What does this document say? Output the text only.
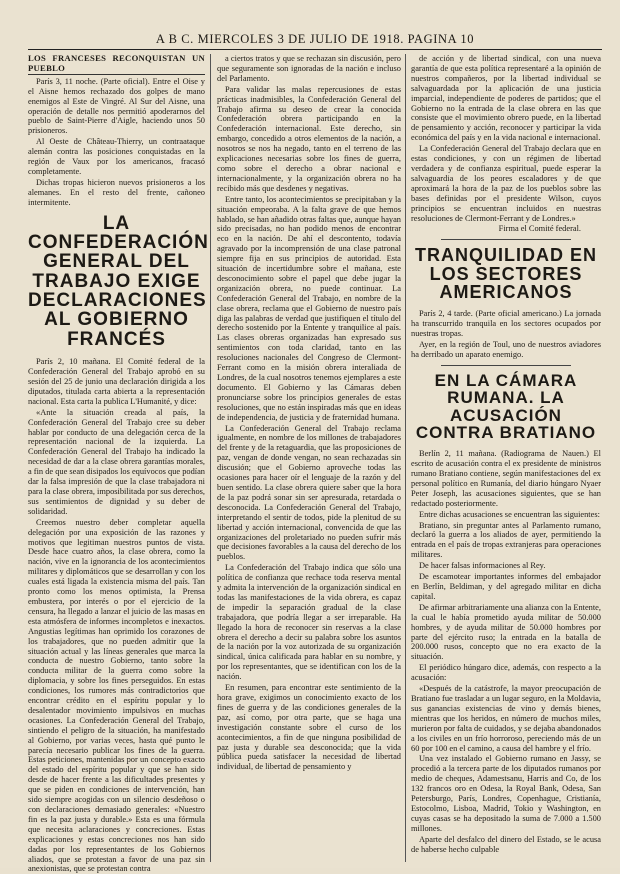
A B C. MIERCOLES 3 DE JULIO DE 1918. PAGINA 10
LOS FRANCESES RECONQUISTAN UN PUEBLO

París 3, 11 noche. (Parte oficial). Entre el Oise y el Aisne hemos rechazado dos golpes de mano enemigos al Este de Vingré. Al Sur del Aisne, una operación de detalle nos permitió apoderarnos del pueblo de Saint-Pierre d'Aigle, haciendo unos 50 prisioneros.

Al Oeste de Château-Thierry, un contraataque alemán contra las posiciones conquistadas en la región de Vaux por los americanos, fracasó completamente.

Dichas tropas hicieron nuevos prisioneros a los alemanes. En el resto del frente, cañoneo intermitente.

LA CONFEDERACIÓN GENERAL DEL TRABAJO EXIGE DECLARACIONES AL GOBIERNO FRANCÉS

París 2, 10 mañana. El Comité federal de la Confederación General del Trabajo aprobó en su sesión del 25 de junio una declaración dirigida a los diputados, titulada carta abierta a la representación nacional. Esta carta la publica L'Humanité, y dice:

«Ante la situación creada al país, la Confederación General del Trabajo cree su deber hablar por conducto de una delegación cerca de la representación nacional de la izquierda. La Confederación General del Trabajo ha indicado la necesidad de dar a la clase obrera garantías morales, a fin de que sean disipados los equívocos que podían dar la falsa impresión de que la clase trabajadora ni para la clase obrera, imposibilitada por sus derechos, sus sentimientos de dignidad y su deber de solidaridad.

Creemos nuestro deber completar aquella delegación por una exposición de las razones y motivos que legitiman nuestros puntos de vista. Desde hace cuatro años, la clase obrera, como la nación, vive en la ignorancia de los acontecimientos militares y diplomáticos que se desarrollan y con los cuales está ligada la existencia misma del país. Tan pronto como los menos optimista, la Prensa embustera, por interés o por el ejercicio de la censura, ha llegado a lanzar el juicio de las masas en esta atmósfera de informes incompletos e inexactos. Angustias legítimas han oprimido los corazones de los trabajadores, que no pueden admitir que la situación actual y las líneas generales que marca la conducta de nuestro Gobierno, tanto sobre la conducta militar de la guerra como sobre la diplomacia, y sobre los fines perseguidos. En estas condiciones, los rumores más contradictorios que encontrar crédito en el espíritu popular y lo desalentador movimiento impulsivos en muchas ocasiones. La Confederación General del Trabajo, sintiendo el peligro de la situación, ha manifestado al Gobierno, por varias veces, hasta qué punto le parecía necesario publicar los fines de la guerra. Estas peticiones, mantenidas por un concepto exacto del estado del espíritu popular y que se han sido desde de hacer frente a las dificultades presentes y que se piden en condiciones de intervención, han sido siempre acogidas con un silencio desdeñoso o con declaraciones demasiado generales: «Nuestro fin es la paz justa y durable.» Esta es una fórmula que necesita aclaraciones y concreciones. Estas explicaciones y estas concreciones nos han sido dadas por los representantes de los Gobiernos aliados, que se protestan a favor de una paz sin anexionistas, que se protestan contra

a ciertos tratos y que se rechazan sin discusión, pero que seguramente son ignoradas de la nación e incluso del Parlamento.

Para validar las malas repercusiones de estas prácticas inadmisibles, la Confederación General del Trabajo afirma su deseo de crear la conocida Confederación obrera participando en la Confederación internacional. Este derecho, sin embargo, concedido a otros elementos de la nación, a nosotros se nos ha negado, tanto en el terreno de las explicaciones necesarias sobre los fines de guerra, como sobre el derecho a obrar nacional e internacionalmente, y la organización obrera no ha recibido más que desdenes y negativas.

Entre tanto, los acontecimientos se precipitaban y la situación empeoraba. A la falta grave de que hemos hablado, se han añadido otras faltas que, aunque hayan sido precisadas, no han podido menos de encontrar eco en la nación. De ahí el descontento, todavía agravado por la incomprensión de una clase patronal siempre fija en sus principios de autoridad. Esta situación de incertidumbre sobre el mañana, este desconocimiento sobre el papel que debe jugar la organización obrera, no puede continuar. La Confederación General del Trabajo, en nombre de la clase obrera, reclama que el Gobierno de nuestro país diga las palabras de verdad que justifiquen el título del derecho sostenido por la Entente y tranquilice al país. Las clases obreras organizadas han expresado sus sentimientos con toda claridad, tanto en las resoluciones nacionales del Congreso de Clermont-Ferrant como en la misión obrera interaliada de Londres, de la cual nosotros tenemos ejemplares a este documento. El Gobierno y las Cámaras deben pronunciarse sobre los principios generales de estas resoluciones, que no están inspiradas más que en ideas de independencia, de justicia y de fraternidad humana.

La Confederación General del Trabajo reclama igualmente, en nombre de los millones de trabajadores del frente y de la retaguardia, que las proposiciones de paz, vengan de donde vengan, no sean rechazadas sin discusión; que el Gobierno aproveche todas las ocasiones para hacer oír el lenguaje de la razón y del buen sentido. La clase obrera quiere saber que la hora de la paz podrá sonar sin ser apresurada, retardada o desconocida. La Confederación General del Trabajo, interpretando el sentir de todos, pide la plenitud de su libertad y acción internacional, convencida de que las organizaciones del proletariado no pueden sufrir más que decisiones favorables a la causa del derecho de los pueblos.

La Confederación del Trabajo indica que sólo una política de confianza que rechace toda reserva mental y admita la intervención de la organización sindical en todas las manifestaciones de la vida obrera, es capaz de impedir la separación gradual de la clase trabajadora, que podría llegar a ser irreparable. Ha llegado la hora de reconocer sin reservas a la clase obrera el derecho a decir su palabra sobre los asuntos de la nación por la voz autorizada de su organización sindical, única calificada para hablar en su nombre, y por los representantes, que se identifican con los de la nación.

En resumen, para encontrar este sentimiento de la hora grave, exigimos un conocimiento exacto de los fines de guerra y de las condiciones generales de la paz, así como, por otra parte, que se haga una investigación constante sobre el curso de los acontecimientos, a fin de que ninguna posibilidad de paz justa y durable sea desconocida; que la vida pública pueda satisfacer la necesidad de libertad individual, de libertad de pensamiento y

de acción y de libertad sindical, con una nueva garantía de que esta política representaré a la opinión de nuestros compañeros, por la libertad individual se salvaguardada por la aplicación de una justicia imparcial, independiente de poderes de partidos; que el Gobierno no la entrada de la clase obrera en las que consiste que el movimiento obrero puede, en la libertad de pensamiento y acción, reconocer y participar la vida económica del país y en la vida nacional e internacional.

La Confederación General del Trabajo declara que en estas condiciones, y con un régimen de libertad verdadera y de confianza espiritual, puede esperar la salvaguardia de los peores escaladores y de que aproximará la hora de la paz de los pueblos sobre las bases definidas por el presidente Wilson, cuyos principios se encuentran incluidos en nuestras resoluciones de Clermont-Ferrant y de Londres.»

Firma el Comité federal.

TRANQUILIDAD EN LOS SECTORES AMERICANOS

París 2, 4 tarde. (Parte oficial americano.) La jornada ha transcurrido tranquila en los sectores ocupados por nuestras tropas.

Ayer, en la región de Toul, uno de nuestros aviadores ha derribado un aparato enemigo.

EN LA CÁMARA RUMANA. LA ACUSACIÓN CONTRA BRATIANO

Berlín 2, 11 mañana. (Radiograma de Nauen.) El escrito de acusación contra el ex presidente de ministros rumano Bratiano contiene, según manifestaciones del ex personal político en Rumanía, del diario húngaro Nyaer Peter Joseph, las acusaciones siguientes, que se han redactado posteriormente.

Entre dichas acusaciones se encuentran las siguientes:

Bratiano, sin preguntar antes al Parlamento rumano, declaró la guerra a los aliados de ayer, permitiendo la entrada en el país de tropas extranjeras para operaciones militares.

De hacer falsas informaciones al Rey.

De escamotear importantes informes del embajador en Berlín, Beldiman, y del agregado militar en dicha capital.

De afirmar arbitrariamente una alianza con la Entente, la cual le había prometido ayuda militar de 50.000 hombres, y de ayuda militar de 50.000 hombres por parte del ejército ruso; la entrada en la batalla de 200.000 rusos, concepto que no era exacto de la situación.

El periódico húngaro dice, además, con respecto a la acusación:

«Después de la catástrofe, la mayor preocupación de Bratiano fue trasladar a un lugar seguro, en la Moldavia, sus ganancias existencias de vino y demás bienes, mientras que los heridos, en número de muchos miles, murieron por falta de cuidados, y se dejaba abandonados a los civiles en un frío horroroso, pereciendo más de un 60 por 100 en el camino, a causa del hambre y el frío.

Una vez instalado el Gobierno rumano en Jassy, se procedió a la tercera parte de los diputados rumanos por medio de cheques, Adamestsanu, Harris and Co, de los 132 francos oro en Odesa, la Royal Bank, Odesa, San Petersburgo, París, Londres, Copenhague, Cristianía, Estocolmo, Lisboa, Madrid, Tokio y Washington, en cuyas casas se ha depositado la suma de 7.000 a 1.500 millones.

Aparte del desfalco del dinero del Estado, se le acusa de haberse hecho culpable
